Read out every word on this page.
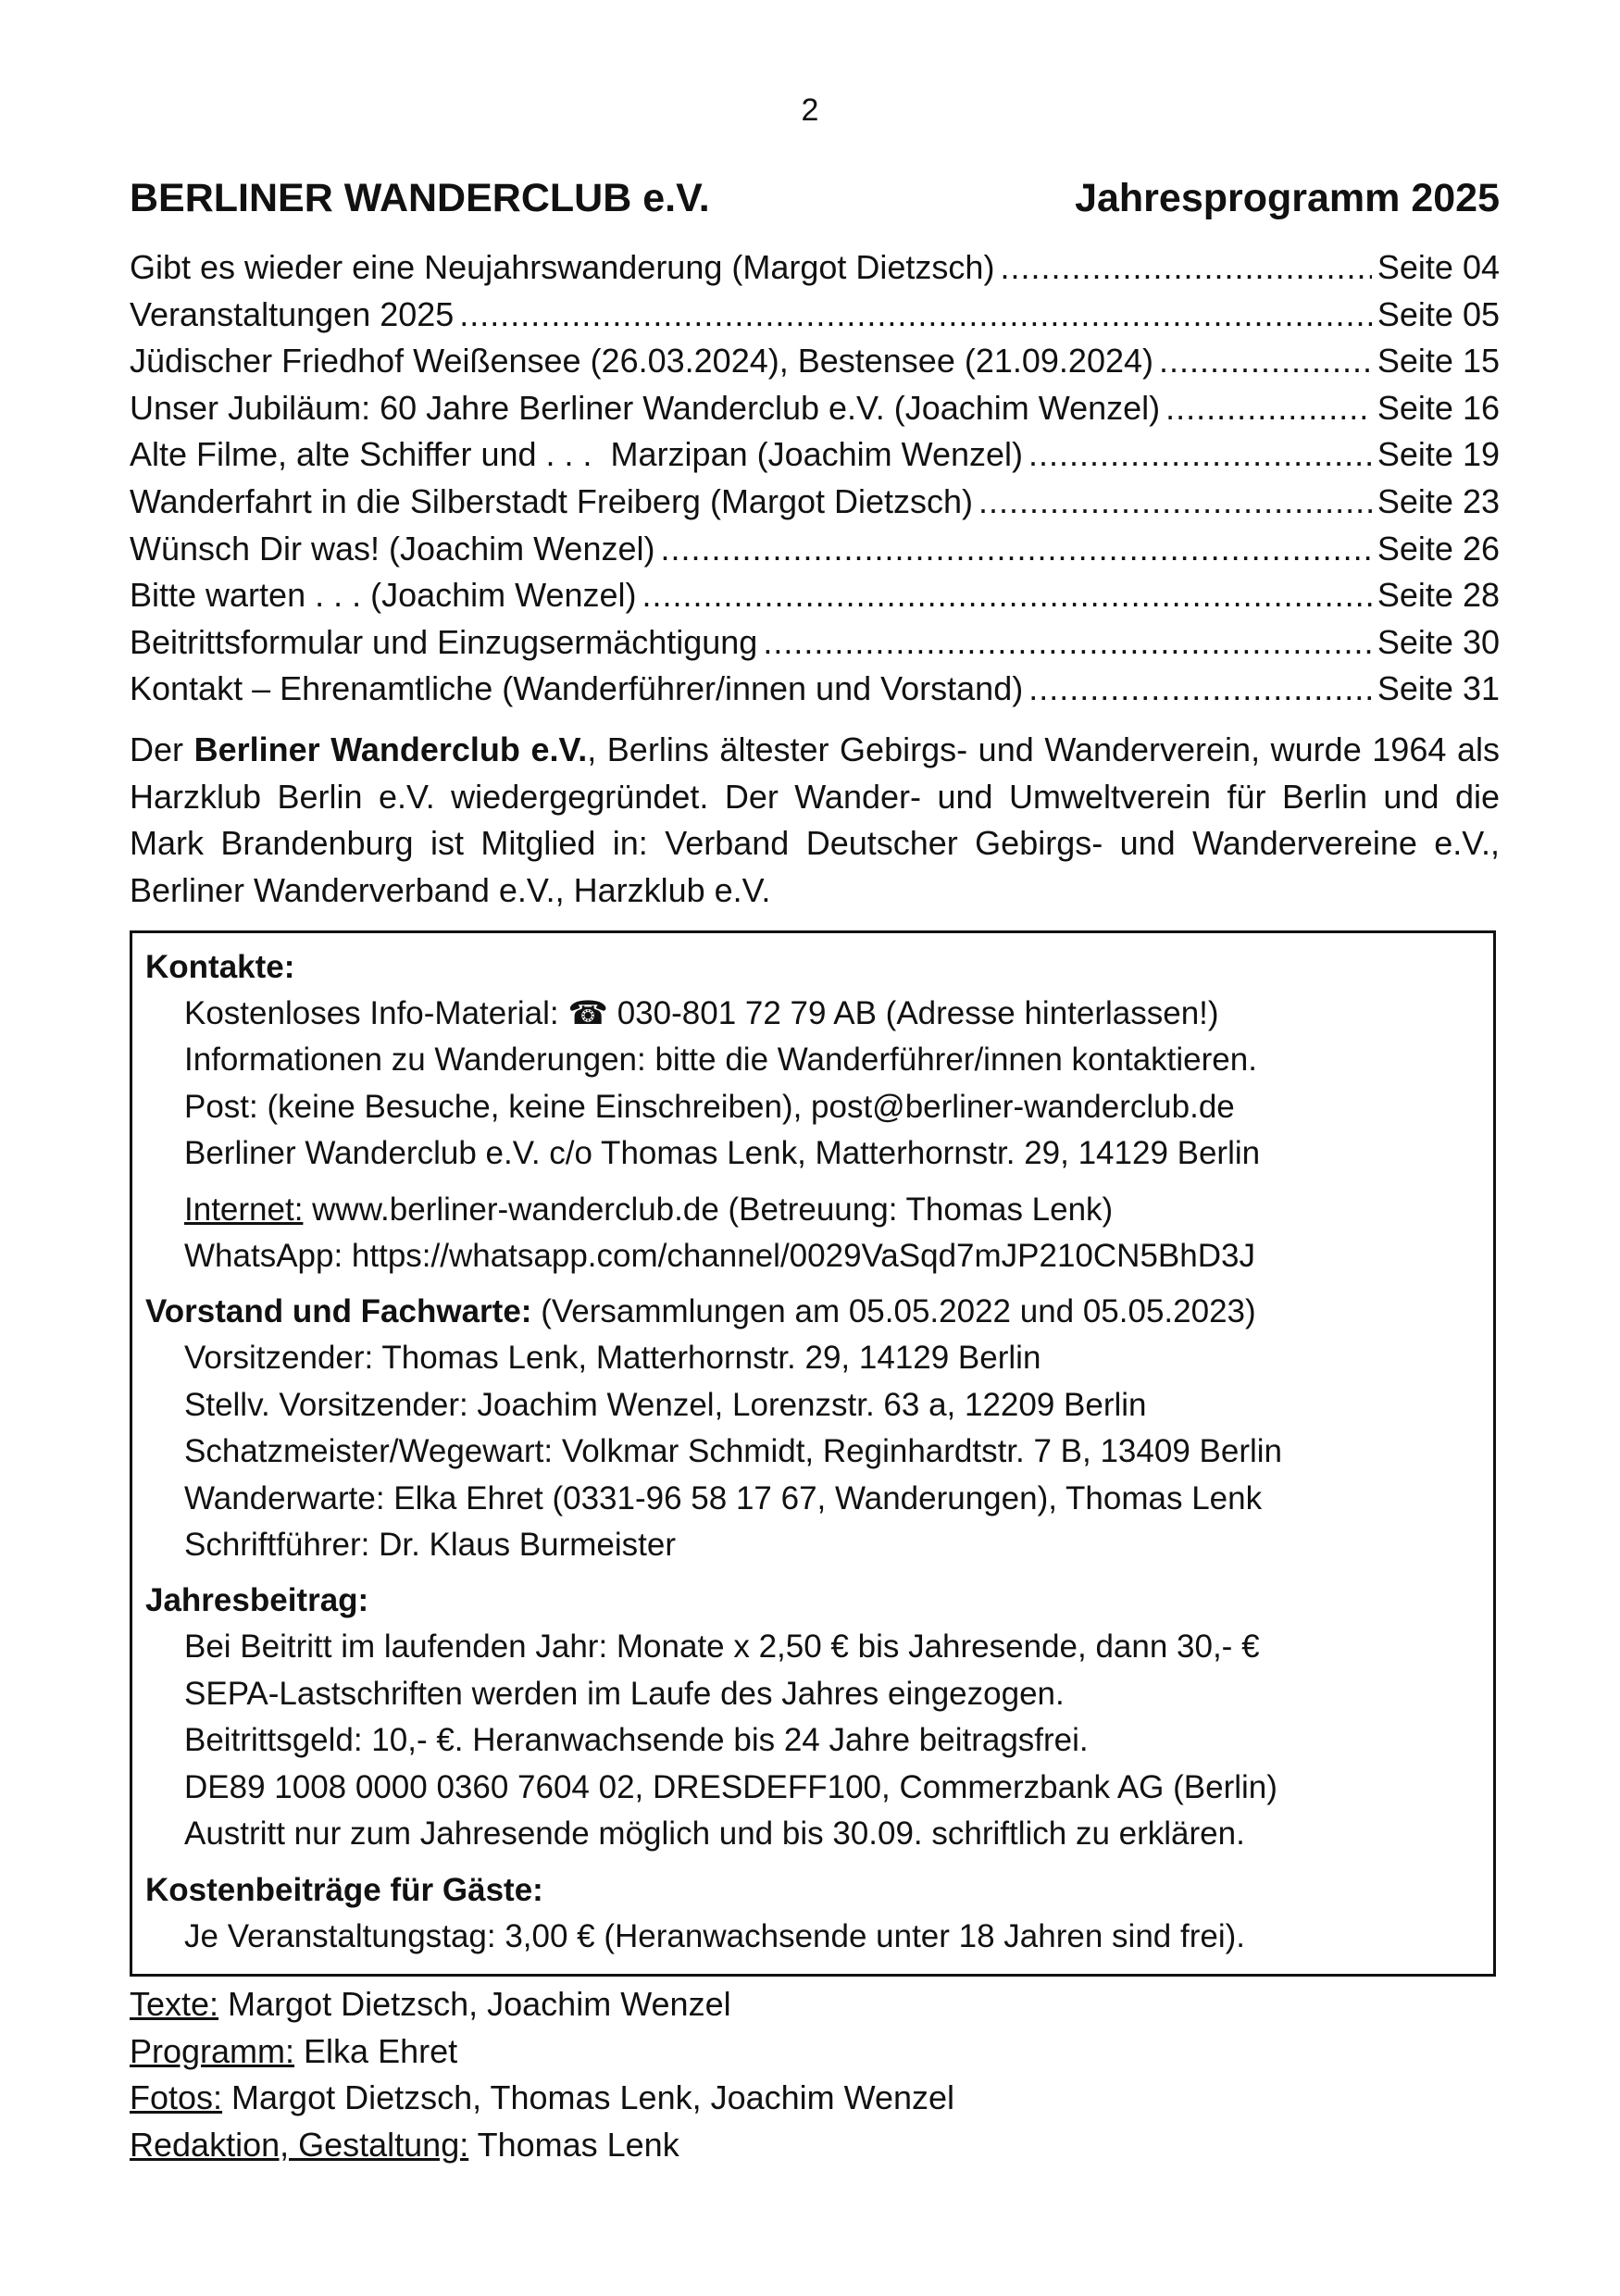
2
BERLINER WANDERCLUB e.V.	Jahresprogramm 2025
Gibt es wieder eine Neujahrswanderung (Margot Dietzsch) .....	Seite 04
Veranstaltungen 2025 .....	Seite 05
Jüdischer Friedhof Weißensee (26.03.2024), Bestensee (21.09.2024) .....	Seite 15
Unser Jubiläum: 60 Jahre Berliner Wanderclub e.V. (Joachim Wenzel) .....	Seite 16
Alte Filme, alte Schiffer und . . .  Marzipan (Joachim Wenzel) .....	Seite 19
Wanderfahrt in die Silberstadt Freiberg (Margot Dietzsch) .....	Seite 23
Wünsch Dir was! (Joachim Wenzel) .....	Seite 26
Bitte warten . . . (Joachim Wenzel) .....	Seite 28
Beitrittsformular und Einzugsermächtigung .....	Seite 30
Kontakt – Ehrenamtliche (Wanderführer/innen und Vorstand) .....	Seite 31
Der Berliner Wanderclub e.V., Berlins ältester Gebirgs- und Wanderverein, wurde 1964 als Harzklub Berlin e.V. wiedergegründet. Der Wander- und Umweltverein für Berlin und die Mark Brandenburg ist Mitglied in: Verband Deutscher Gebirgs- und Wandervereine e.V., Berliner Wanderverband e.V., Harzklub e.V.
Kontakte:
Kostenloses Info-Material: ☎ 030-801 72 79 AB (Adresse hinterlassen!)
Informationen zu Wanderungen: bitte die Wanderführer/innen kontaktieren.
Post: (keine Besuche, keine Einschreiben), post@berliner-wanderclub.de
Berliner Wanderclub e.V. c/o Thomas Lenk, Matterhornstr. 29, 14129 Berlin
Internet: www.berliner-wanderclub.de (Betreuung: Thomas Lenk)
WhatsApp: https://whatsapp.com/channel/0029VaSqd7mJP210CN5BhD3J
Vorstand und Fachwarte: (Versammlungen am 05.05.2022 und 05.05.2023)
Vorsitzender: Thomas Lenk, Matterhornstr. 29, 14129 Berlin
Stellv. Vorsitzender: Joachim Wenzel, Lorenzstr. 63 a, 12209 Berlin
Schatzmeister/Wegewart: Volkmar Schmidt, Reginhardtstr. 7 B, 13409 Berlin
Wanderwarte: Elka Ehret (0331-96 58 17 67, Wanderungen), Thomas Lenk
Schriftführer: Dr. Klaus Burmeister
Jahresbeitrag:
Bei Beitritt im laufenden Jahr: Monate x 2,50 € bis Jahresende, dann 30,- €
SEPA-Lastschriften werden im Laufe des Jahres eingezogen.
Beitrittsgeld: 10,- €. Heranwachsende bis 24 Jahre beitragsfrei.
DE89 1008 0000 0360 7604 02, DRESDEFF100, Commerzbank AG (Berlin)
Austritt nur zum Jahresende möglich und bis 30.09. schriftlich zu erklären.
Kostenbeiträge für Gäste:
Je Veranstaltungstag: 3,00 € (Heranwachsende unter 18 Jahren sind frei).
Texte: Margot Dietzsch, Joachim Wenzel
Programm: Elka Ehret
Fotos: Margot Dietzsch, Thomas Lenk, Joachim Wenzel
Redaktion, Gestaltung: Thomas Lenk
